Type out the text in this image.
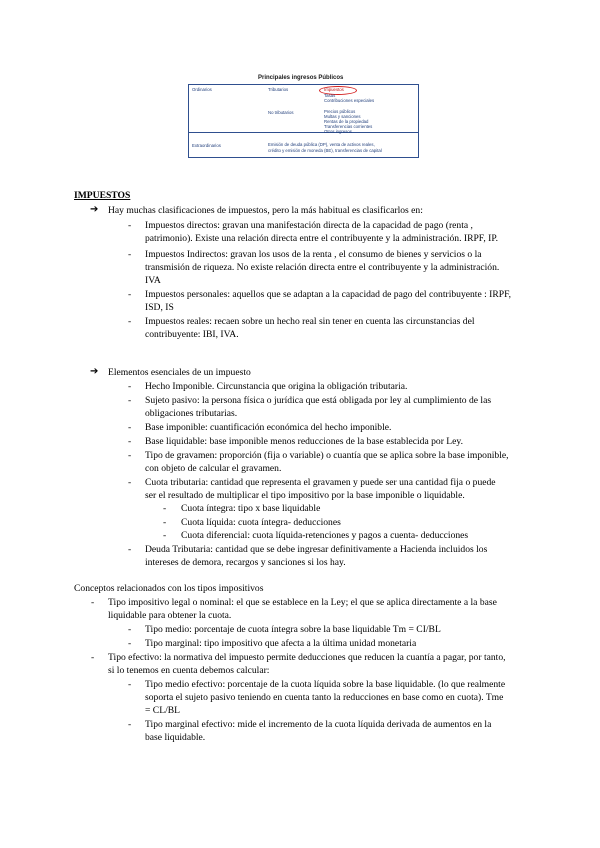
Principales ingresos Públicos
Ordinarios	Tributarios	Impuestos
Tasas
Contribuciones especiales
No tributarios	Precios públicos
Multas y sanciones
Rentas de la propiedad
Transferencias corrientes
Otros ingresos
Extraordinarios	Emisión de deuda pública (DP), venta de activos reales,
crédito y emisión de moneda (BE), transferencias de capital
IMPUESTOS
➔ Hay muchas clasificaciones de impuestos, pero la más habitual es clasificarlos en:
- Impuestos directos: gravan una manifestación directa de la capacidad de pago (renta ,
patrimonio). Existe una relación directa entre el contribuyente y la administración. IRPF, IP.
- Impuestos Indirectos: gravan los usos de la renta , el consumo de bienes y servicios o la
transmisión de riqueza. No existe relación directa entre el contribuyente y la administración.
IVA
- Impuestos personales: aquellos que se adaptan a la capacidad de pago del contribuyente : IRPF,
ISD, IS
- Impuestos reales: recaen sobre un hecho real sin tener en cuenta las circunstancias del
contribuyente: IBI, IVA.
➔ Elementos esenciales de un impuesto
- Hecho Imponible. Circunstancia que origina la obligación tributaria.
- Sujeto pasivo: la persona física o jurídica que está obligada por ley al cumplimiento de las
obligaciones tributarias.
- Base imponible: cuantificación económica del hecho imponible.
- Base liquidable: base imponible menos reducciones de la base establecida por Ley.
- Tipo de gravamen: proporción (fija o variable) o cuantía que se aplica sobre la base imponible,
con objeto de calcular el gravamen.
- Cuota tributaria: cantidad que representa el gravamen y puede ser una cantidad fija o puede
ser el resultado de multiplicar el tipo impositivo por la base imponible o liquidable.
- Cuota íntegra: tipo x base liquidable
- Cuota líquida: cuota íntegra- deducciones
- Cuota diferencial: cuota líquida-retenciones y pagos a cuenta- deducciones
- Deuda Tributaria: cantidad que se debe ingresar definitivamente a Hacienda incluidos los
intereses de demora, recargos y sanciones si los hay.
Conceptos relacionados con los tipos impositivos
- Tipo impositivo legal o nominal: el que se establece en la Ley; el que se aplica directamente a la base
liquidable para obtener la cuota.
- Tipo medio: porcentaje de cuota íntegra sobre la base liquidable Tm = CI/BL
- Tipo marginal: tipo impositivo que afecta a la última unidad monetaria
- Tipo efectivo: la normativa del impuesto permite deducciones que reducen la cuantía a pagar, por tanto,
si lo tenemos en cuenta debemos calcular:
- Tipo medio efectivo: porcentaje de la cuota líquida sobre la base liquidable. (lo que realmente
soporta el sujeto pasivo teniendo en cuenta tanto la reducciones en base como en cuota). Tme
= CL/BL
- Tipo marginal efectivo: mide el incremento de la cuota líquida derivada de aumentos en la
base liquidable.
